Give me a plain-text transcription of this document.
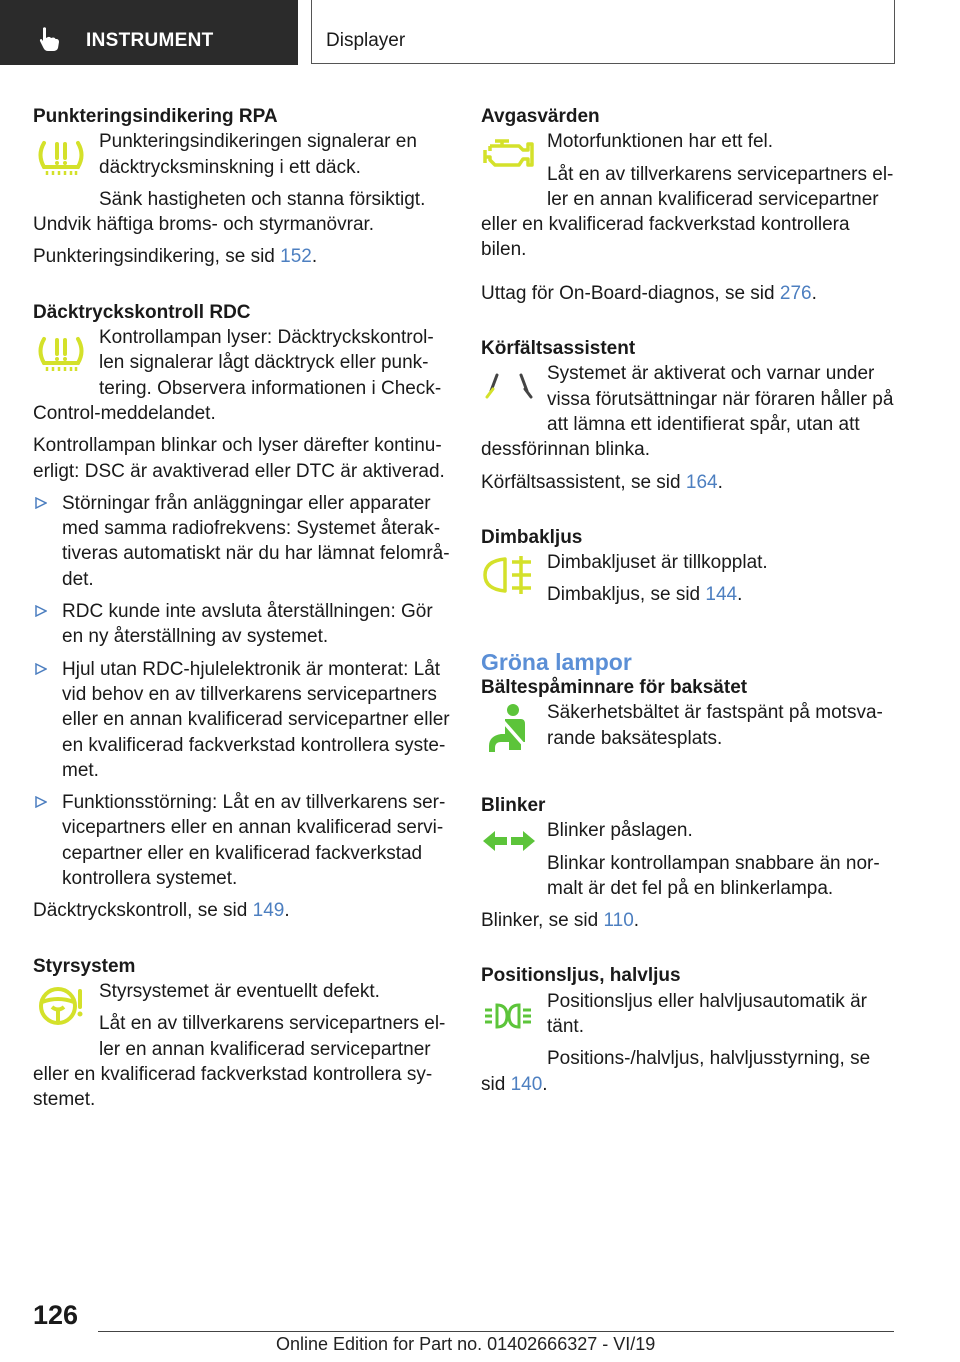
INSTRUMENT	Displayer

Punkteringsindikering RPA

Punkteringsindikeringen signalerar en däcktrycksminskning i ett däck.

Sänk hastigheten och stanna försiktigt.

Undvik häftiga broms- och styrmanövrar.

Punkteringsindikering, se sid 152.

Däcktryckskontroll RDC

Kontrollampan lyser: Däcktryckskontrol-len signalerar lågt däcktryck eller punk-tering. Observera informationen i Check-

Control-meddelandet.

Kontrollampan blinkar och lyser därefter kontinu-erligt: DSC är avaktiverad eller DTC är aktiverad.

Störningar från anläggningar eller apparater med samma radiofrekvens: Systemet återak-tiveras automatiskt när du har lämnat felområ-det.

RDC kunde inte avsluta återställningen: Gör en ny återställning av systemet.

Hjul utan RDC-hjulelektronik är monterat: Låt vid behov en av tillverkarens servicepartners eller en annan kvalificerad servicepartner eller en kvalificerad fackverkstad kontrollera syste-met.

Funktionsstörning: Låt en av tillverkarens ser-vicepartners eller en annan kvalificerad servi-cepartner eller en kvalificerad fackverkstad kontrollera systemet.

Däcktryckskontroll, se sid 149.

Styrsystem

Styrsystemet är eventuellt defekt.

Låt en av tillverkarens servicepartners el-ler en annan kvalificerad servicepartner

eller en kvalificerad fackverkstad kontrollera sy-stemet.

Avgasvärden

Motorfunktionen har ett fel.

Låt en av tillverkarens servicepartners el-ler en annan kvalificerad servicepartner

eller en kvalificerad fackverkstad kontrollera bilen.

Uttag för On-Board-diagnos, se sid 276.

Körfältsassistent

Systemet är aktiverat och varnar under vissa förutsättningar när föraren håller på att lämna ett identifierat spår, utan att

dessförinnan blinka.

Körfältsassistent, se sid 164.

Dimbakljus

Dimbakljuset är tillkopplat.

Dimbakljus, se sid 144.

Gröna lampor

Bältespåminnare för baksätet

Säkerhetsbältet är fastspänt på motsva-rande baksätesplats.

Blinker

Blinker påslagen.

Blinkar kontrollampan snabbare än nor-malt är det fel på en blinkerlampa.

Blinker, se sid 110.

Positionsljus, halvljus

Positionsljus eller halvljusautomatik är tänt.

Positions-/halvljus, halvljusstyrning, se

sid 140.

126
Online Edition for Part no. 01402666327 - VI/19
